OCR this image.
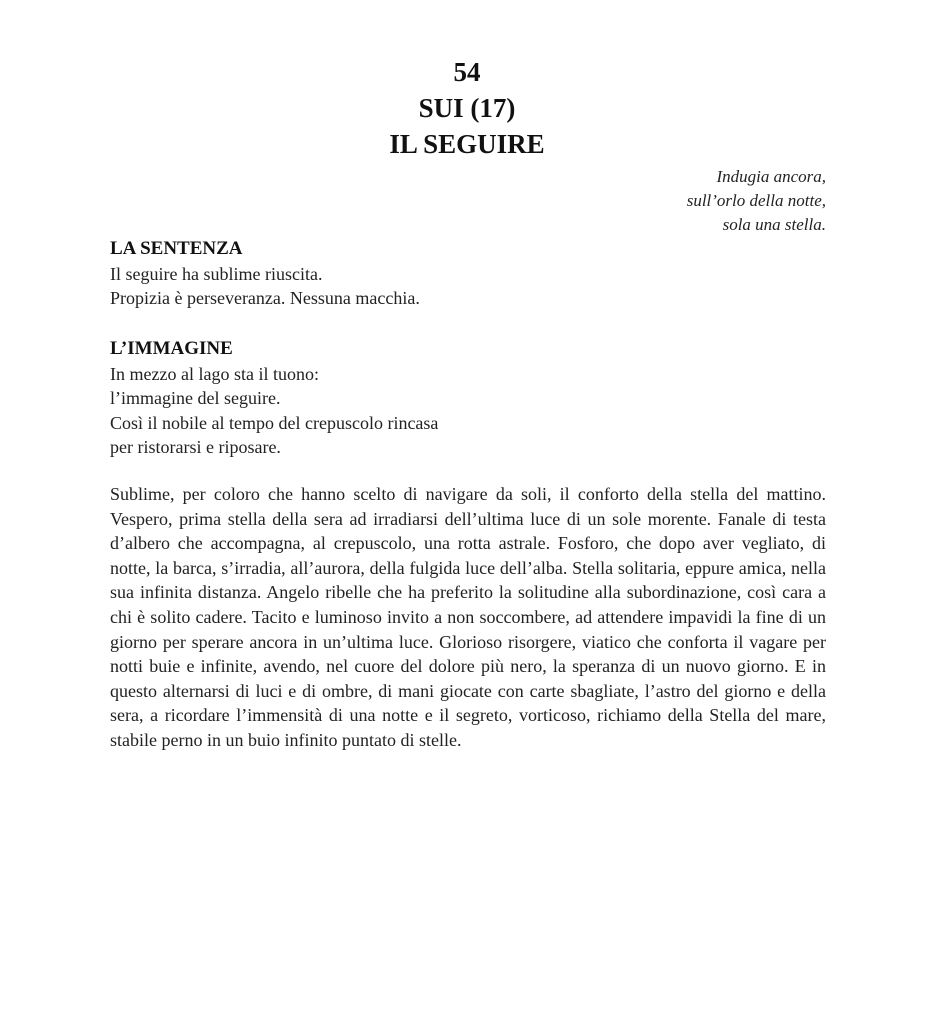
54
SUI (17)
IL SEGUIRE
Indugia ancora,
sull’orlo della notte,
sola una stella.
LA SENTENZA
Il seguire ha sublime riuscita.
Propizia è perseveranza. Nessuna macchia.
L’IMMAGINE
In mezzo al lago sta il tuono:
l’immagine del seguire.
Così il nobile al tempo del crepuscolo rincasa
per ristorarsi e riposare.

Sublime, per coloro che hanno scelto di navigare da soli, il conforto della stella del mattino. Vespero, prima stella della sera ad irradiarsi dell’ultima luce di un sole morente. Fanale di testa d’albero che accompagna, al crepuscolo, una rotta astrale. Fosforo, che dopo aver vegliato, di notte, la barca, s’irradia, all’aurora, della fulgida luce dell’alba. Stella solitaria, eppure amica, nella sua infinita distanza. Angelo ribelle che ha preferito la solitudine alla subordinazione, così cara a chi è solito cadere. Tacito e luminoso invito a non soccombere, ad attendere impavidi la fine di un giorno per sperare ancora in un’ultima luce. Glorioso risorgere, viatico che conforta il vagare per notti buie e infinite, avendo, nel cuore del dolore più nero, la speranza di un nuovo giorno. E in questo alternarsi di luci e di ombre, di mani giocate con carte sbagliate, l’astro del giorno e della sera, a ricordare l’immensità di una notte e il segreto, vorticoso, richiamo della Stella del mare, stabile perno in un buio infinito puntato di stelle.
